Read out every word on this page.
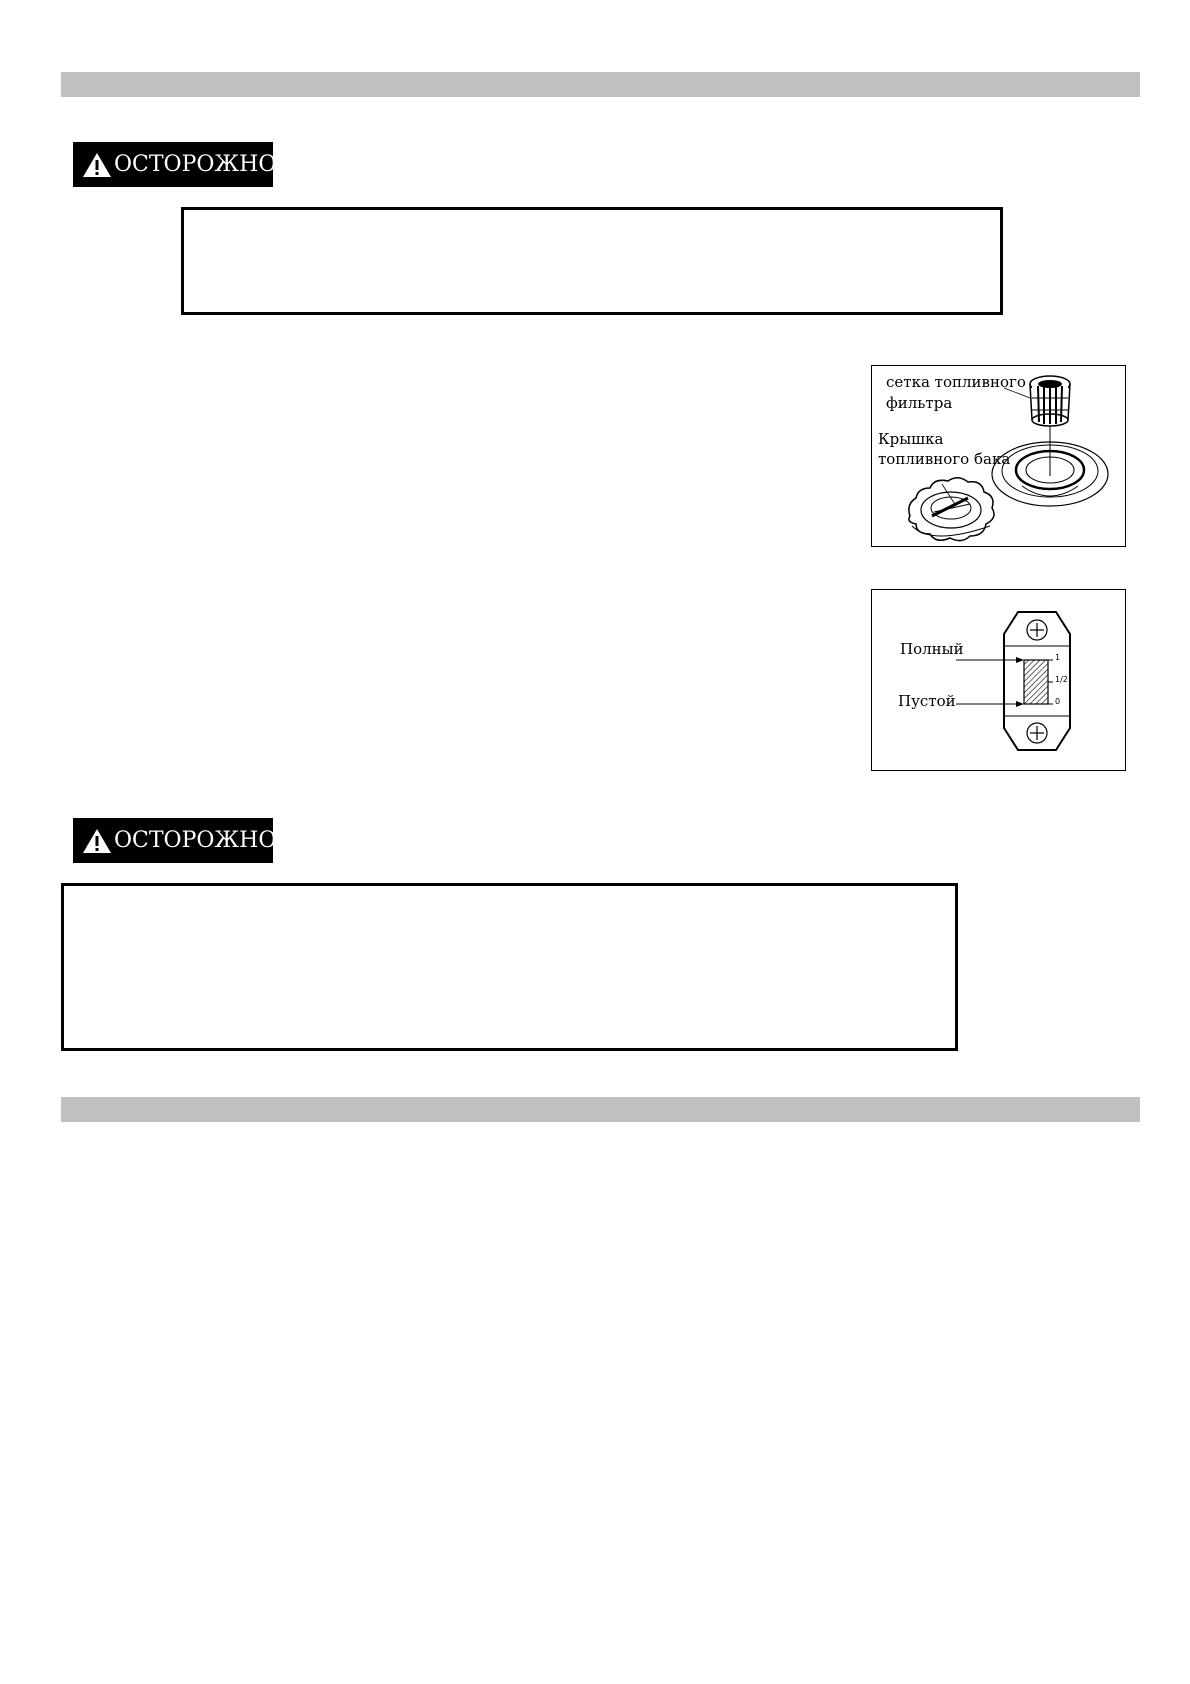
ОСТОРОЖНО
сетка топливного
фильтра
Крышка
топливного бака
Полный
Пустой
1
1/2
0
ОСТОРОЖНО
